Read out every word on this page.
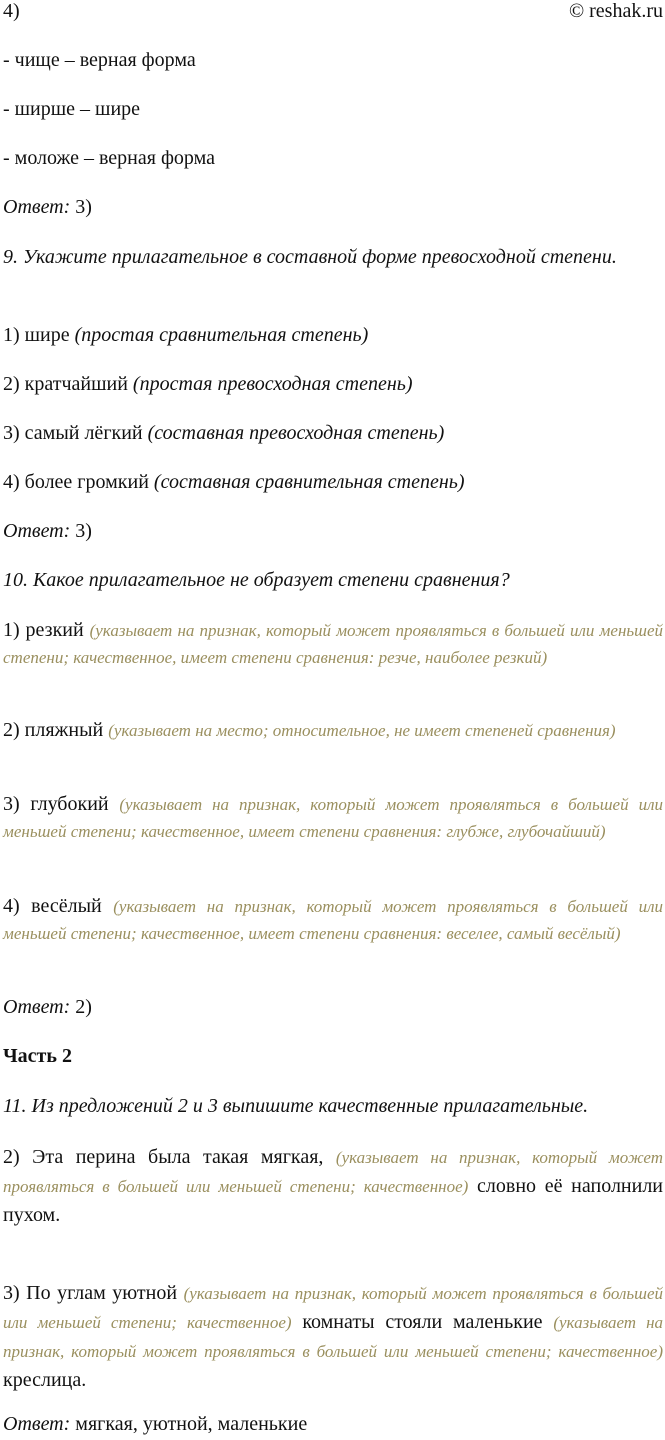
4)	© reshak.ru
- чище – верная форма
- ширше – шире
- моложе – верная форма
Ответ: 3)
9. Укажите прилагательное в составной форме превосходной степени.
1) шире (простая сравнительная степень)
2) кратчайший (простая превосходная степень)
3) самый лёгкий (составная превосходная степень)
4) более громкий (составная сравнительная степень)
Ответ: 3)
10. Какое прилагательное не образует степени сравнения?
1) резкий (указывает на признак, который может проявляться в большей или меньшей степени; качественное, имеет степени сравнения: резче, наиболее резкий)
2) пляжный (указывает на место; относительное, не имеет степеней сравнения)
3) глубокий (указывает на признак, который может проявляться в большей или меньшей степени; качественное, имеет степени сравнения: глубже, глубочайший)
4) весёлый (указывает на признак, который может проявляться в большей или меньшей степени; качественное, имеет степени сравнения: веселее, самый весёлый)
Ответ: 2)
Часть 2
11. Из предложений 2 и 3 выпишите качественные прилагательные.
2) Эта перина была такая мягкая, (указывает на признак, который может проявляться в большей или меньшей степени; качественное) словно её наполнили пухом.
3) По углам уютной (указывает на признак, который может проявляться в большей или меньшей степени; качественное) комнаты стояли маленькие (указывает на признак, который может проявляться в большей или меньшей степени; качественное) креслица.
Ответ: мягкая, уютной, маленькие
